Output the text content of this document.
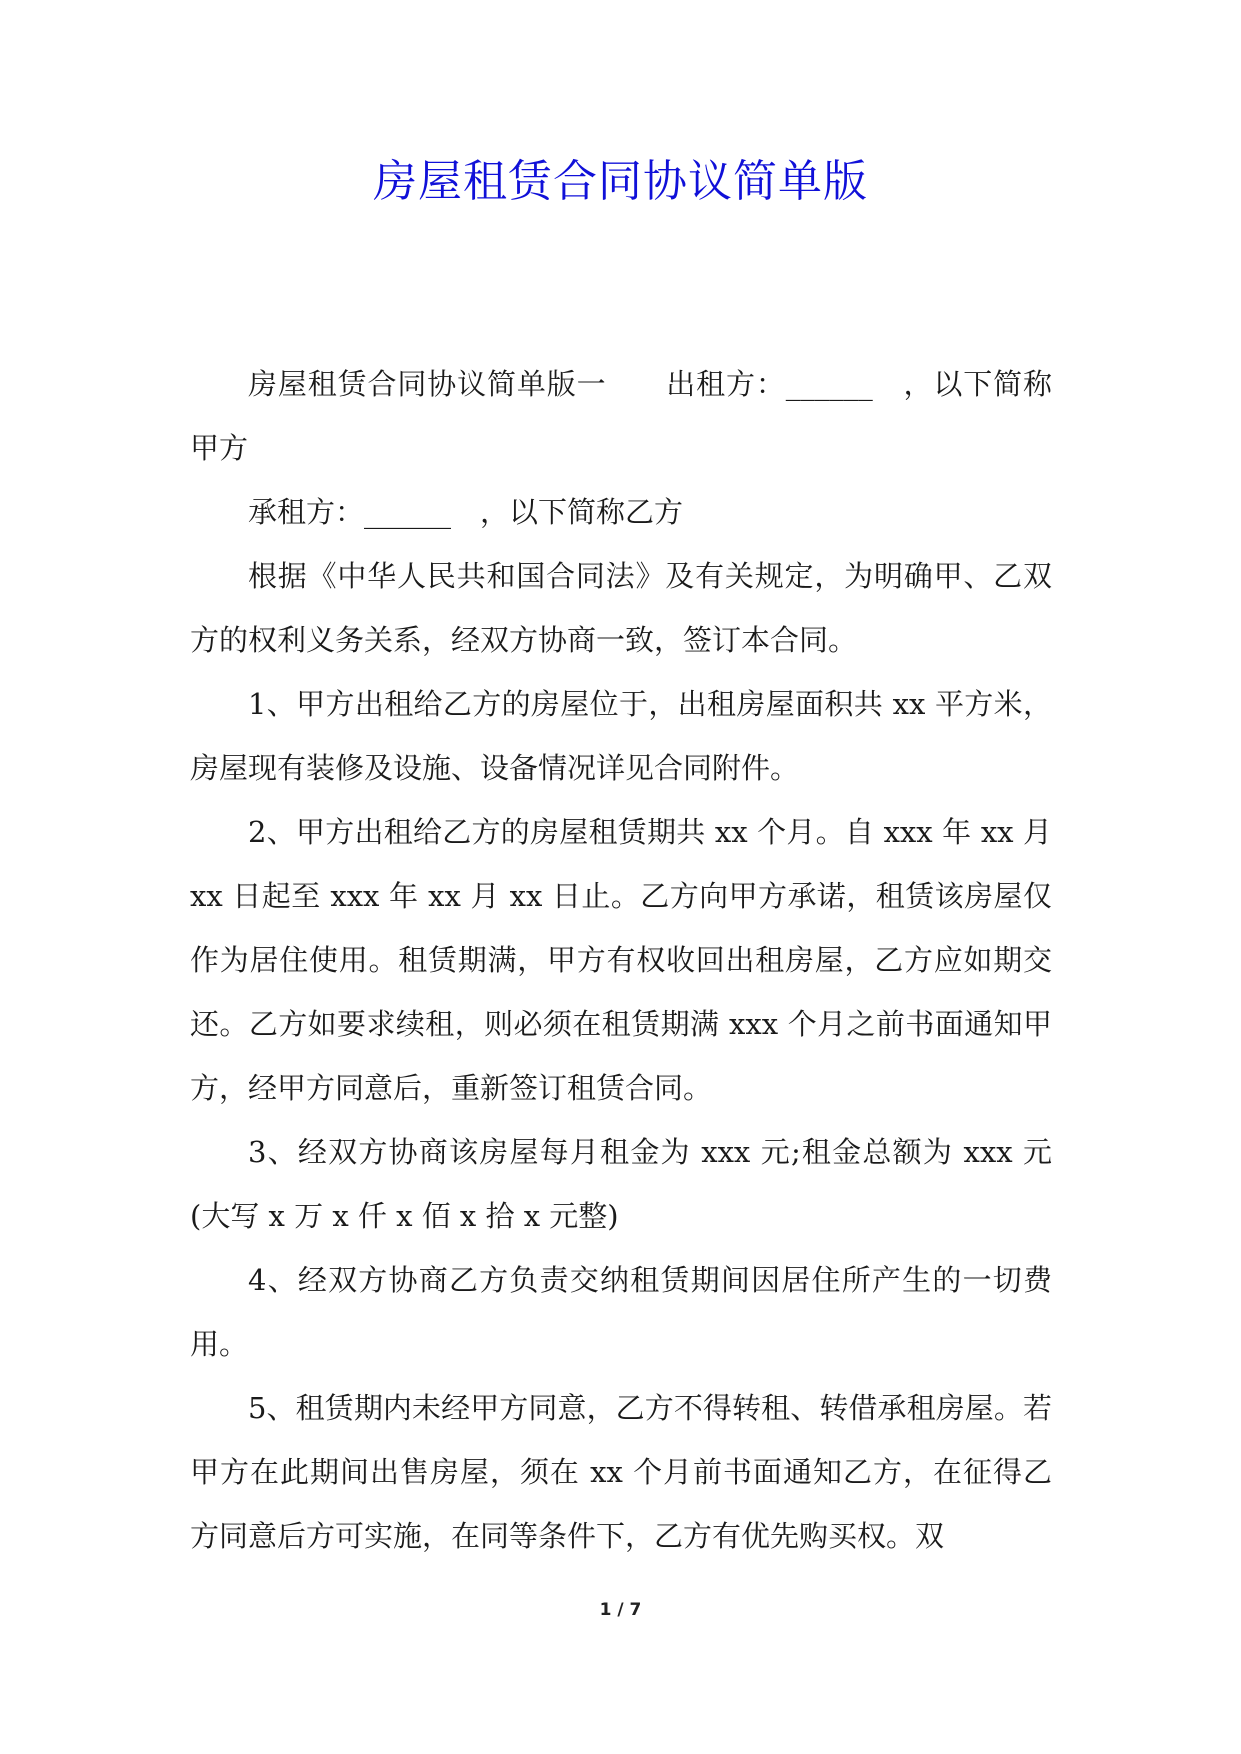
房屋租赁合同协议简单版

房屋租赁合同协议简单版一　　出租方：______　，以下简称甲方

承租方：______　，以下简称乙方

根据《中华人民共和国合同法》及有关规定，为明确甲、乙双方的权利义务关系，经双方协商一致，签订本合同。

1、甲方出租给乙方的房屋位于，出租房屋面积共 xx 平方米，房屋现有装修及设施、设备情况详见合同附件。

2、甲方出租给乙方的房屋租赁期共 xx 个月。自 xxx 年 xx 月 xx 日起至 xxx 年 xx 月 xx 日止。乙方向甲方承诺，租赁该房屋仅作为居住使用。租赁期满，甲方有权收回出租房屋，乙方应如期交还。乙方如要求续租，则必须在租赁期满 xxx 个月之前书面通知甲方，经甲方同意后，重新签订租赁合同。

3、经双方协商该房屋每月租金为 xxx 元;租金总额为 xxx 元(大写 x 万 x 仟 x 佰 x 拾 x 元整)

4、经双方协商乙方负责交纳租赁期间因居住所产生的一切费用。

5、租赁期内未经甲方同意，乙方不得转租、转借承租房屋。若甲方在此期间出售房屋，须在 xx 个月前书面通知乙方，在征得乙方同意后方可实施，在同等条件下，乙方有优先购买权。双

1 / 7
